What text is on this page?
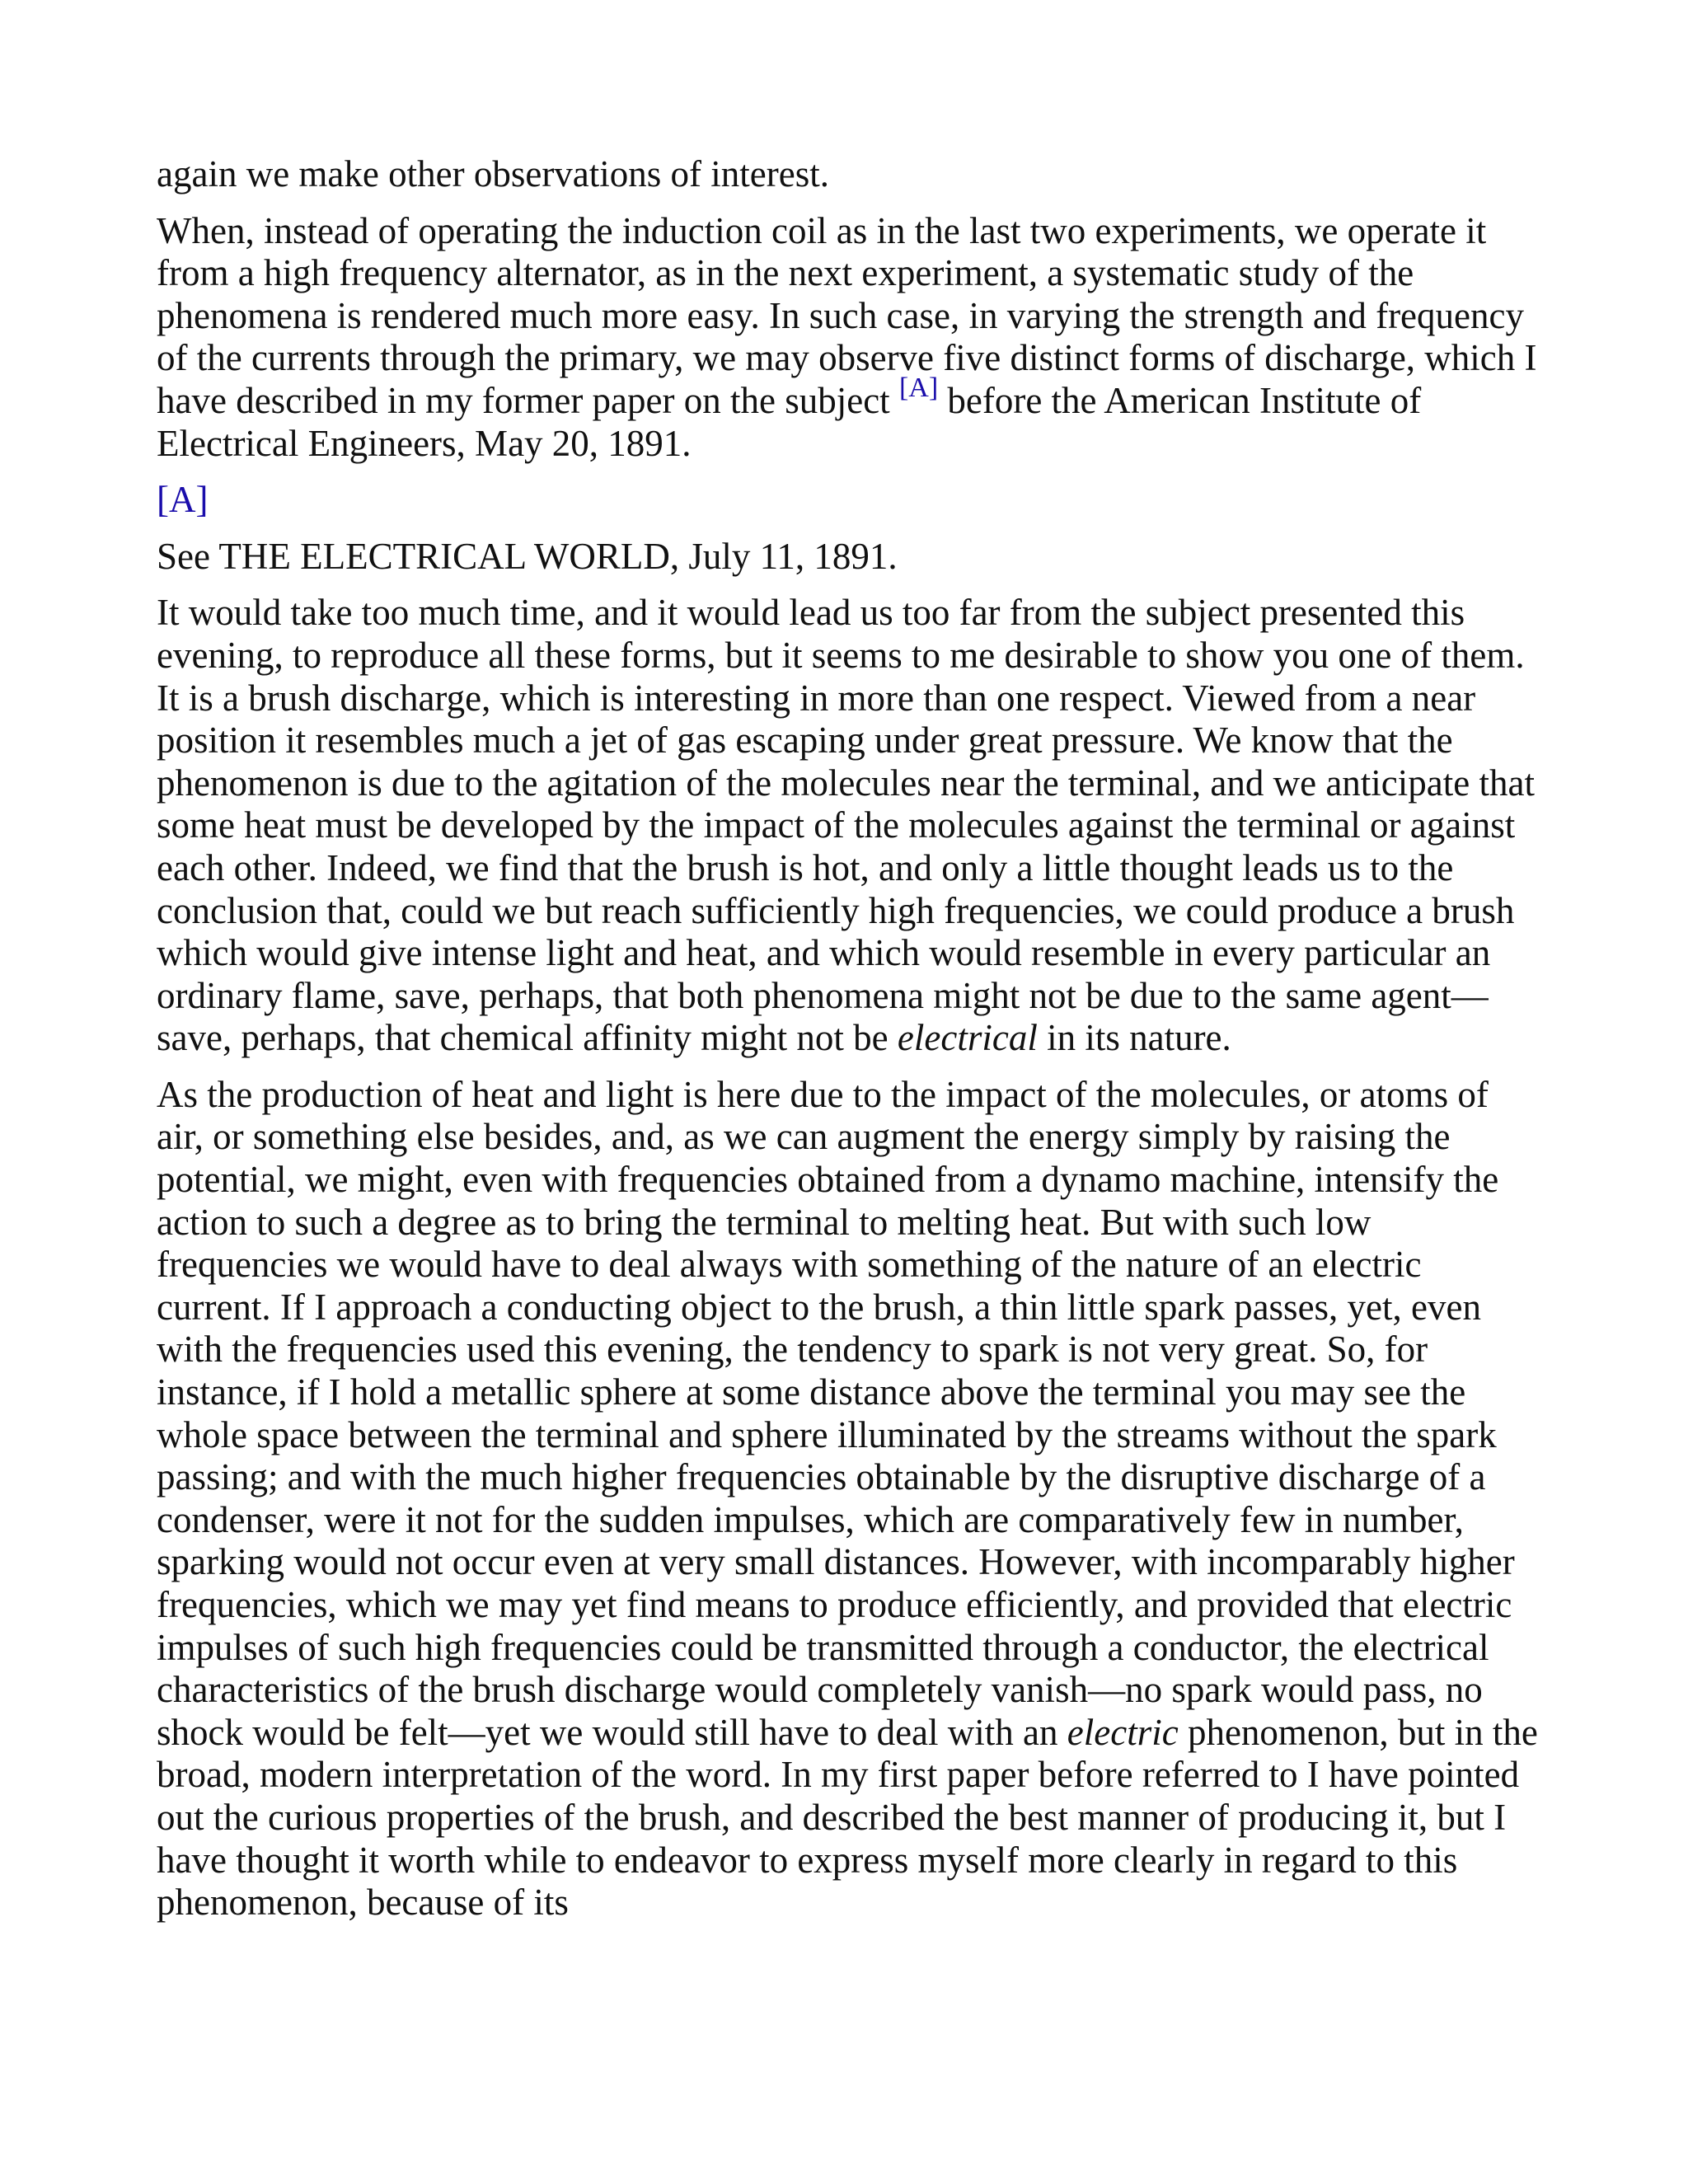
again we make other observations of interest.

When, instead of operating the induction coil as in the last two experiments, we operate it from a high frequency alternator, as in the next experiment, a systematic study of the phenomena is rendered much more easy. In such case, in varying the strength and frequency of the currents through the primary, we may observe five distinct forms of discharge, which I have described in my former paper on the subject [A] before the American Institute of Electrical Engineers, May 20, 1891.

[A]

See THE ELECTRICAL WORLD, July 11, 1891.

It would take too much time, and it would lead us too far from the subject presented this evening, to reproduce all these forms, but it seems to me desirable to show you one of them. It is a brush discharge, which is interesting in more than one respect. Viewed from a near position it resembles much a jet of gas escaping under great pressure. We know that the phenomenon is due to the agitation of the molecules near the terminal, and we anticipate that some heat must be developed by the impact of the molecules against the terminal or against each other. Indeed, we find that the brush is hot, and only a little thought leads us to the conclusion that, could we but reach sufficiently high frequencies, we could produce a brush which would give intense light and heat, and which would resemble in every particular an ordinary flame, save, perhaps, that both phenomena might not be due to the same agent—save, perhaps, that chemical affinity might not be electrical in its nature.

As the production of heat and light is here due to the impact of the molecules, or atoms of air, or something else besides, and, as we can augment the energy simply by raising the potential, we might, even with frequencies obtained from a dynamo machine, intensify the action to such a degree as to bring the terminal to melting heat. But with such low frequencies we would have to deal always with something of the nature of an electric current. If I approach a conducting object to the brush, a thin little spark passes, yet, even with the frequencies used this evening, the tendency to spark is not very great. So, for instance, if I hold a metallic sphere at some distance above the terminal you may see the whole space between the terminal and sphere illuminated by the streams without the spark passing; and with the much higher frequencies obtainable by the disruptive discharge of a condenser, were it not for the sudden impulses, which are comparatively few in number, sparking would not occur even at very small distances. However, with incomparably higher frequencies, which we may yet find means to produce efficiently, and provided that electric impulses of such high frequencies could be transmitted through a conductor, the electrical characteristics of the brush discharge would completely vanish—no spark would pass, no shock would be felt—yet we would still have to deal with an electric phenomenon, but in the broad, modern interpretation of the word. In my first paper before referred to I have pointed out the curious properties of the brush, and described the best manner of producing it, but I have thought it worth while to endeavor to express myself more clearly in regard to this phenomenon, because of its
